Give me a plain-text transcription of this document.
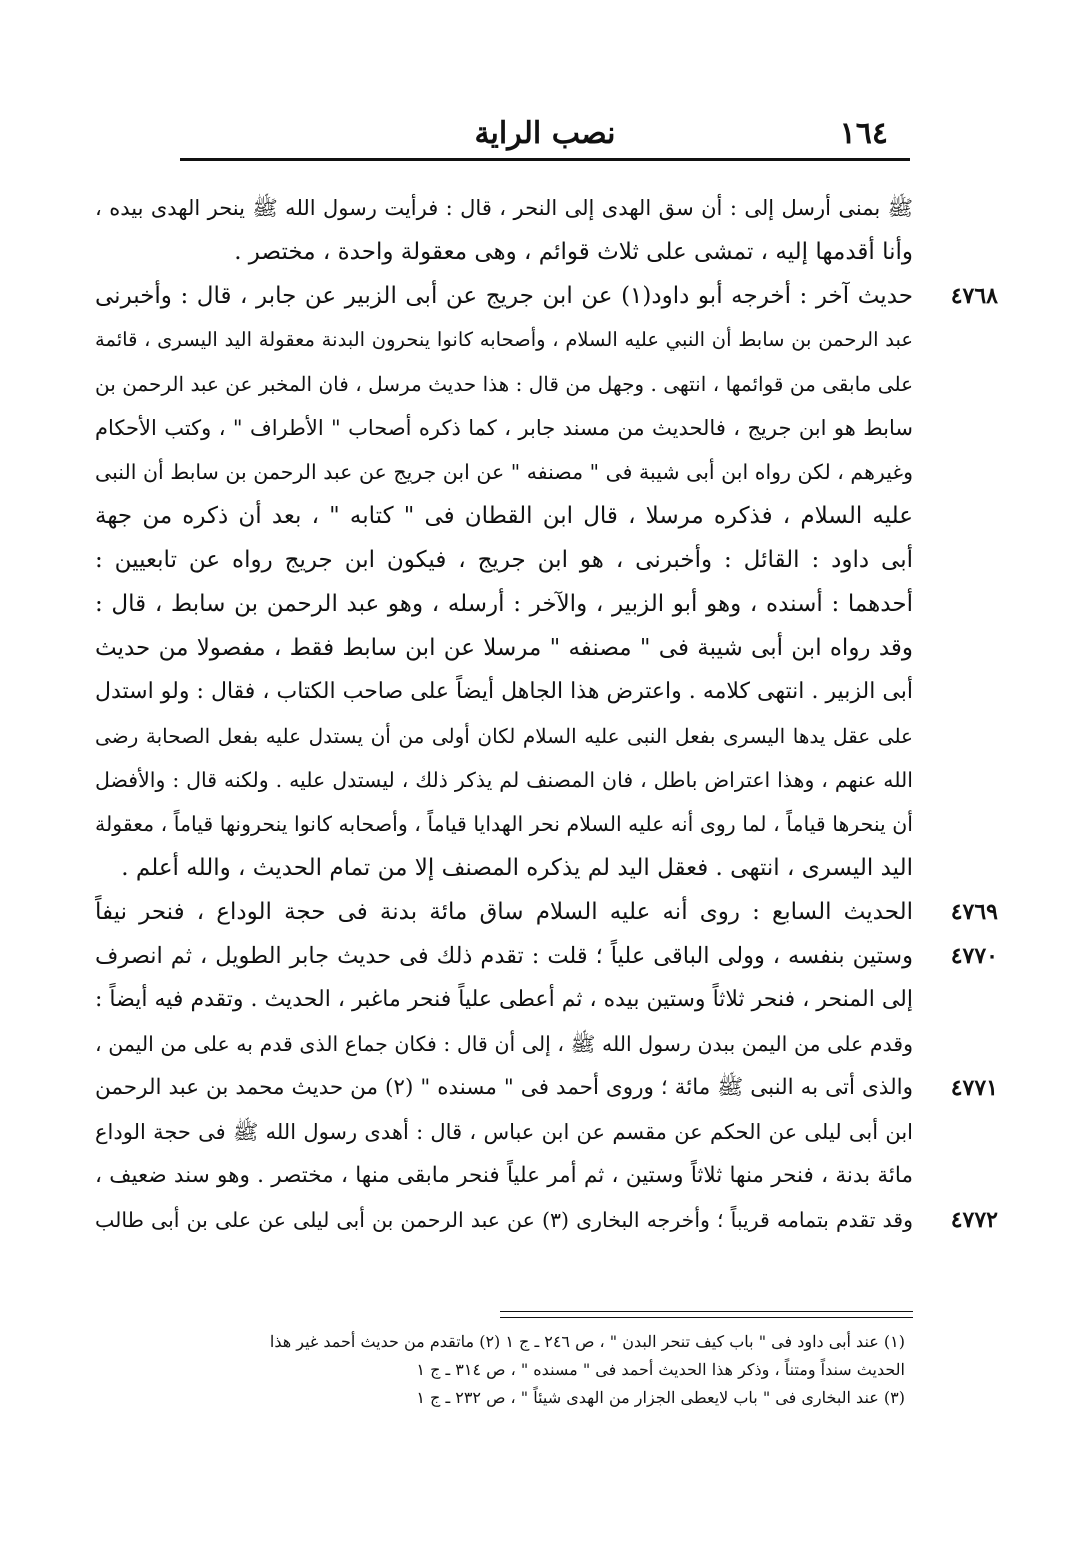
١٦٤
نصب الراية
ﷺ بمنى أرسل إلى : أن سق الهدى إلى النحر ، قال : فرأيت رسول الله ﷺ ينحر الهدى بيده ،
وأنا أقدمها إليه ، تمشى على ثلاث قوائم ، وهى معقولة واحدة ، مختصر .
٤٧٦٨
حديث آخر : أخرجه أبو داود(١) عن ابن جريج عن أبى الزبير عن جابر ، قال : وأخبرنى
عبد الرحمن بن سابط أن النبي عليه السلام ، وأصحابه كانوا ينحرون البدنة معقولة اليد اليسرى ، قائمة
على مابقى من قوائمها ، انتهى . وجهل من قال : هذا حديث مرسل ، فان المخبر عن عبد الرحمن بن
سابط هو ابن جريج ، فالحديث من مسند جابر ، كما ذكره أصحاب " الأطراف " ، وكتب الأحكام
وغيرهم ، لكن رواه ابن أبى شيبة فى " مصنفه " عن ابن جريج عن عبد الرحمن بن سابط أن النبى
عليه السلام ، فذكره مرسلا ، قال ابن القطان فى " كتابه " ، بعد أن ذكره من جهة
أبى داود : القائل : وأخبرنى ، هو ابن جريج ، فيكون ابن جريج رواه عن تابعيين :
أحدهما : أسنده ، وهو أبو الزبير ، والآخر : أرسله ، وهو عبد الرحمن بن سابط ، قال :
وقد رواه ابن أبى شيبة فى " مصنفه " مرسلا عن ابن سابط فقط ، مفصولا من حديث
أبى الزبير . انتهى كلامه . واعترض هذا الجاهل أيضاً على صاحب الكتاب ، فقال : ولو استدل
على عقل يدها اليسرى بفعل النبى عليه السلام لكان أولى من أن يستدل عليه بفعل الصحابة رضى
الله عنهم ، وهذا اعتراض باطل ، فان المصنف لم يذكر ذلك ، ليستدل عليه . ولكنه قال : والأفضل
أن ينحرها قياماً ، لما روى أنه عليه السلام نحر الهدايا قياماً ، وأصحابه كانوا ينحرونها قياماً ، معقولة
اليد اليسرى ، انتهى . فعقل اليد لم يذكره المصنف إلا من تمام الحديث ، والله أعلم .
٤٧٦٩
الحديث السابع : روى أنه عليه السلام ساق مائة بدنة فى حجة الوداع ، فنحر نيفاً
٤٧٧٠
وستين بنفسه ، وولى الباقى علياً ؛ قلت : تقدم ذلك فى حديث جابر الطويل ، ثم انصرف
إلى المنحر ، فنحر ثلاثاً وستين بيده ، ثم أعطى علياً فنحر ماغبر ، الحديث . وتقدم فيه أيضاً :
وقدم على من اليمن ببدن رسول الله ﷺ ، إلى أن قال : فكان جماع الذى قدم به على من اليمن ،
٤٧٧١
والذى أتى به النبى ﷺ مائة ؛ وروى أحمد فى " مسنده " (٢) من حديث محمد بن عبد الرحمن
ابن أبى ليلى عن الحكم عن مقسم عن ابن عباس ، قال : أهدى رسول الله ﷺ فى حجة الوداع
مائة بدنة ، فنحر منها ثلاثاً وستين ، ثم أمر علياً فنحر مابقى منها ، مختصر . وهو سند ضعيف ،
٤٧٧٢
وقد تقدم بتمامه قريباً ؛ وأخرجه البخارى (٣) عن عبد الرحمن بن أبى ليلى عن على بن أبى طالب
(١) عند أبى داود فى " باب كيف تنحر البدن " ، ص ٢٤٦ ـ ج ١ (٢) ماتقدم من حديث أحمد غير هذا
الحديث سنداً ومتناً ، وذكر هذا الحديث أحمد فى " مسنده " ، ص ٣١٤ ـ ج ١
(٣) عند البخارى فى " باب لايعطى الجزار من الهدى شيئاً " ، ص ٢٣٢ ـ ج ١
